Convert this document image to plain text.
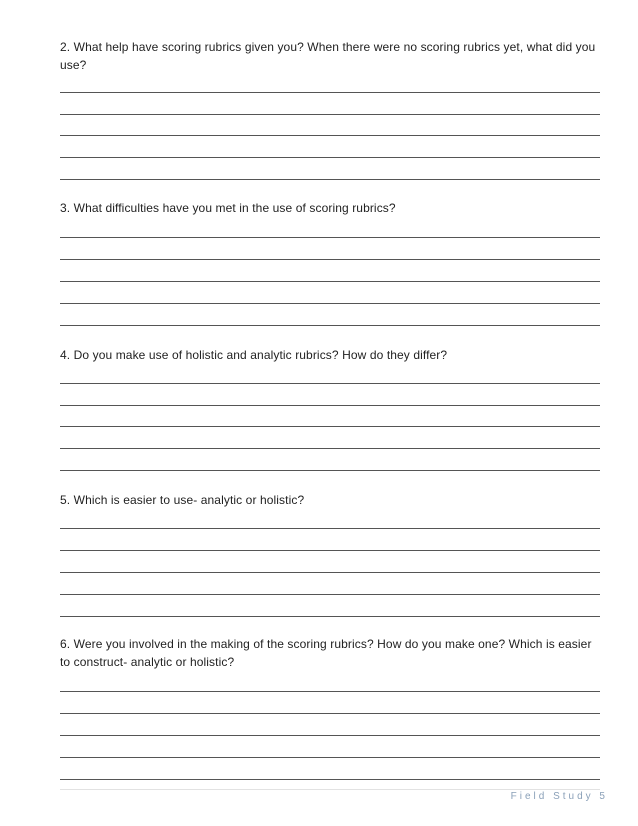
2. What help have scoring rubrics given you? When there were no scoring rubrics yet, what did you use?

3. What difficulties have you met in the use of scoring rubrics?

4. Do you make use of holistic and analytic rubrics? How do they differ?

5. Which is easier to use- analytic or holistic?

6. Were you involved in the making of the scoring rubrics? How do you make one? Which is easier to construct- analytic or holistic?

Field Study 5
